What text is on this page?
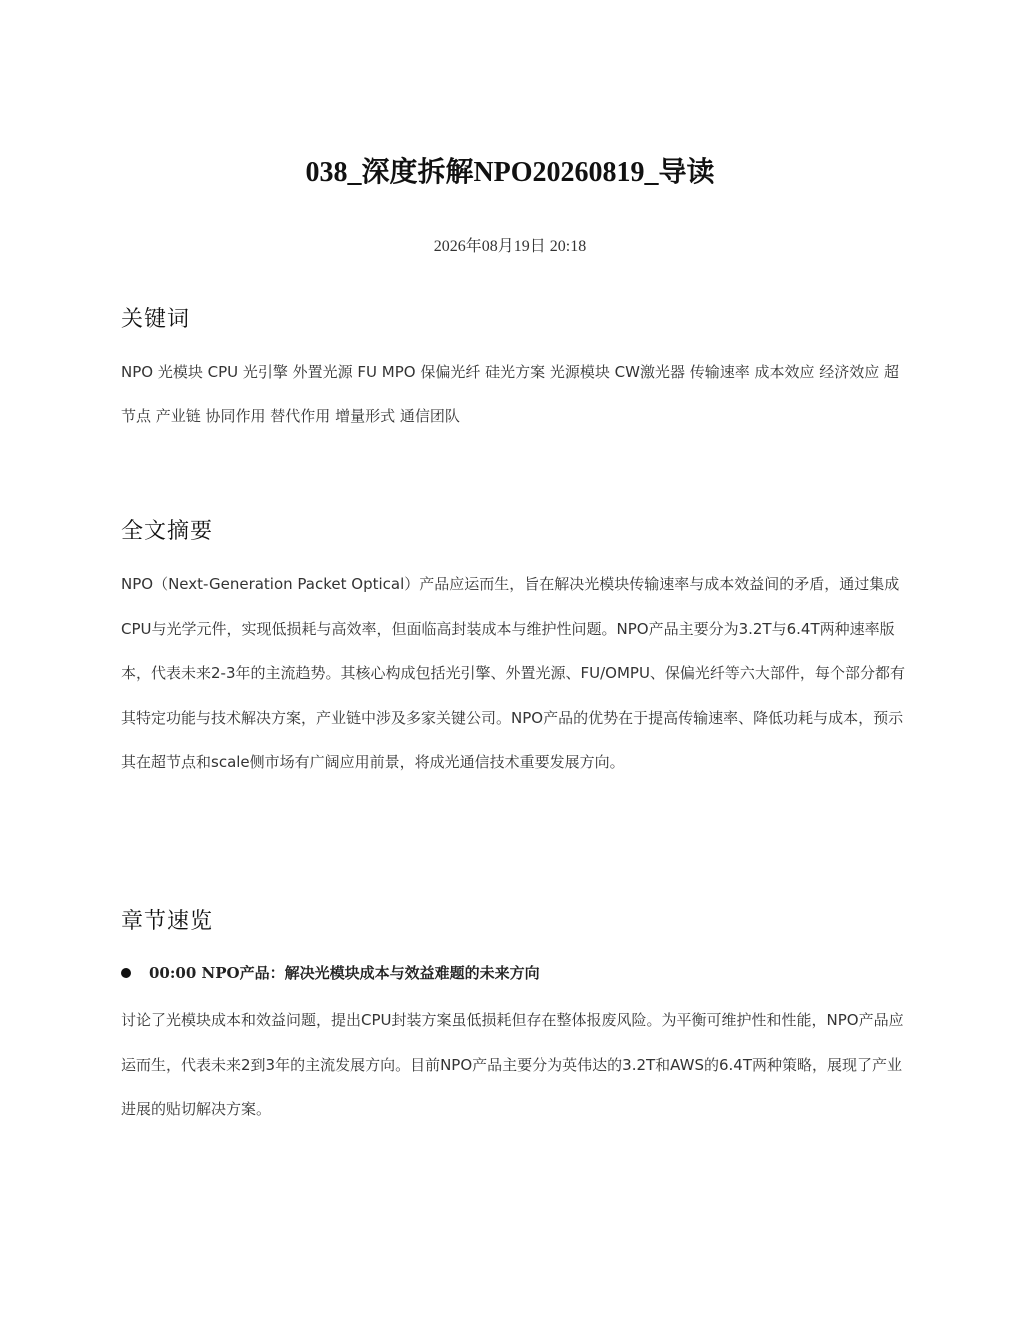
038_深度拆解NPO20260819_导读
2026年08月19日 20:18
关键词

NPO 光模块 CPU 光引擎 外置光源 FU MPO 保偏光纤 硅光方案 光源模块 CW激光器 传输速率 成本效应 经济效应 超节点 产业链 协同作用 替代作用 增量形式 通信团队

全文摘要

NPO（Next-Generation Packet Optical）产品应运而生，旨在解决光模块传输速率与成本效益间的矛盾，通过集成CPU与光学元件，实现低损耗与高效率，但面临高封装成本与维护性问题。NPO产品主要分为3.2T与6.4T两种速率版本，代表未来2-3年的主流趋势。其核心构成包括光引擎、外置光源、FU/OMPU、保偏光纤等六大部件，每个部分都有其特定功能与技术解决方案，产业链中涉及多家关键公司。NPO产品的优势在于提高传输速率、降低功耗与成本，预示其在超节点和scale侧市场有广阔应用前景，将成光通信技术重要发展方向。

章节速览
00:00 NPO产品：解决光模块成本与效益难题的未来方向

讨论了光模块成本和效益问题，提出CPU封装方案虽低损耗但存在整体报废风险。为平衡可维护性和性能，NPO产品应运而生，代表未来2到3年的主流发展方向。目前NPO产品主要分为英伟达的3.2T和AWS的6.4T两种策略，展现了产业进展的贴切解决方案。
